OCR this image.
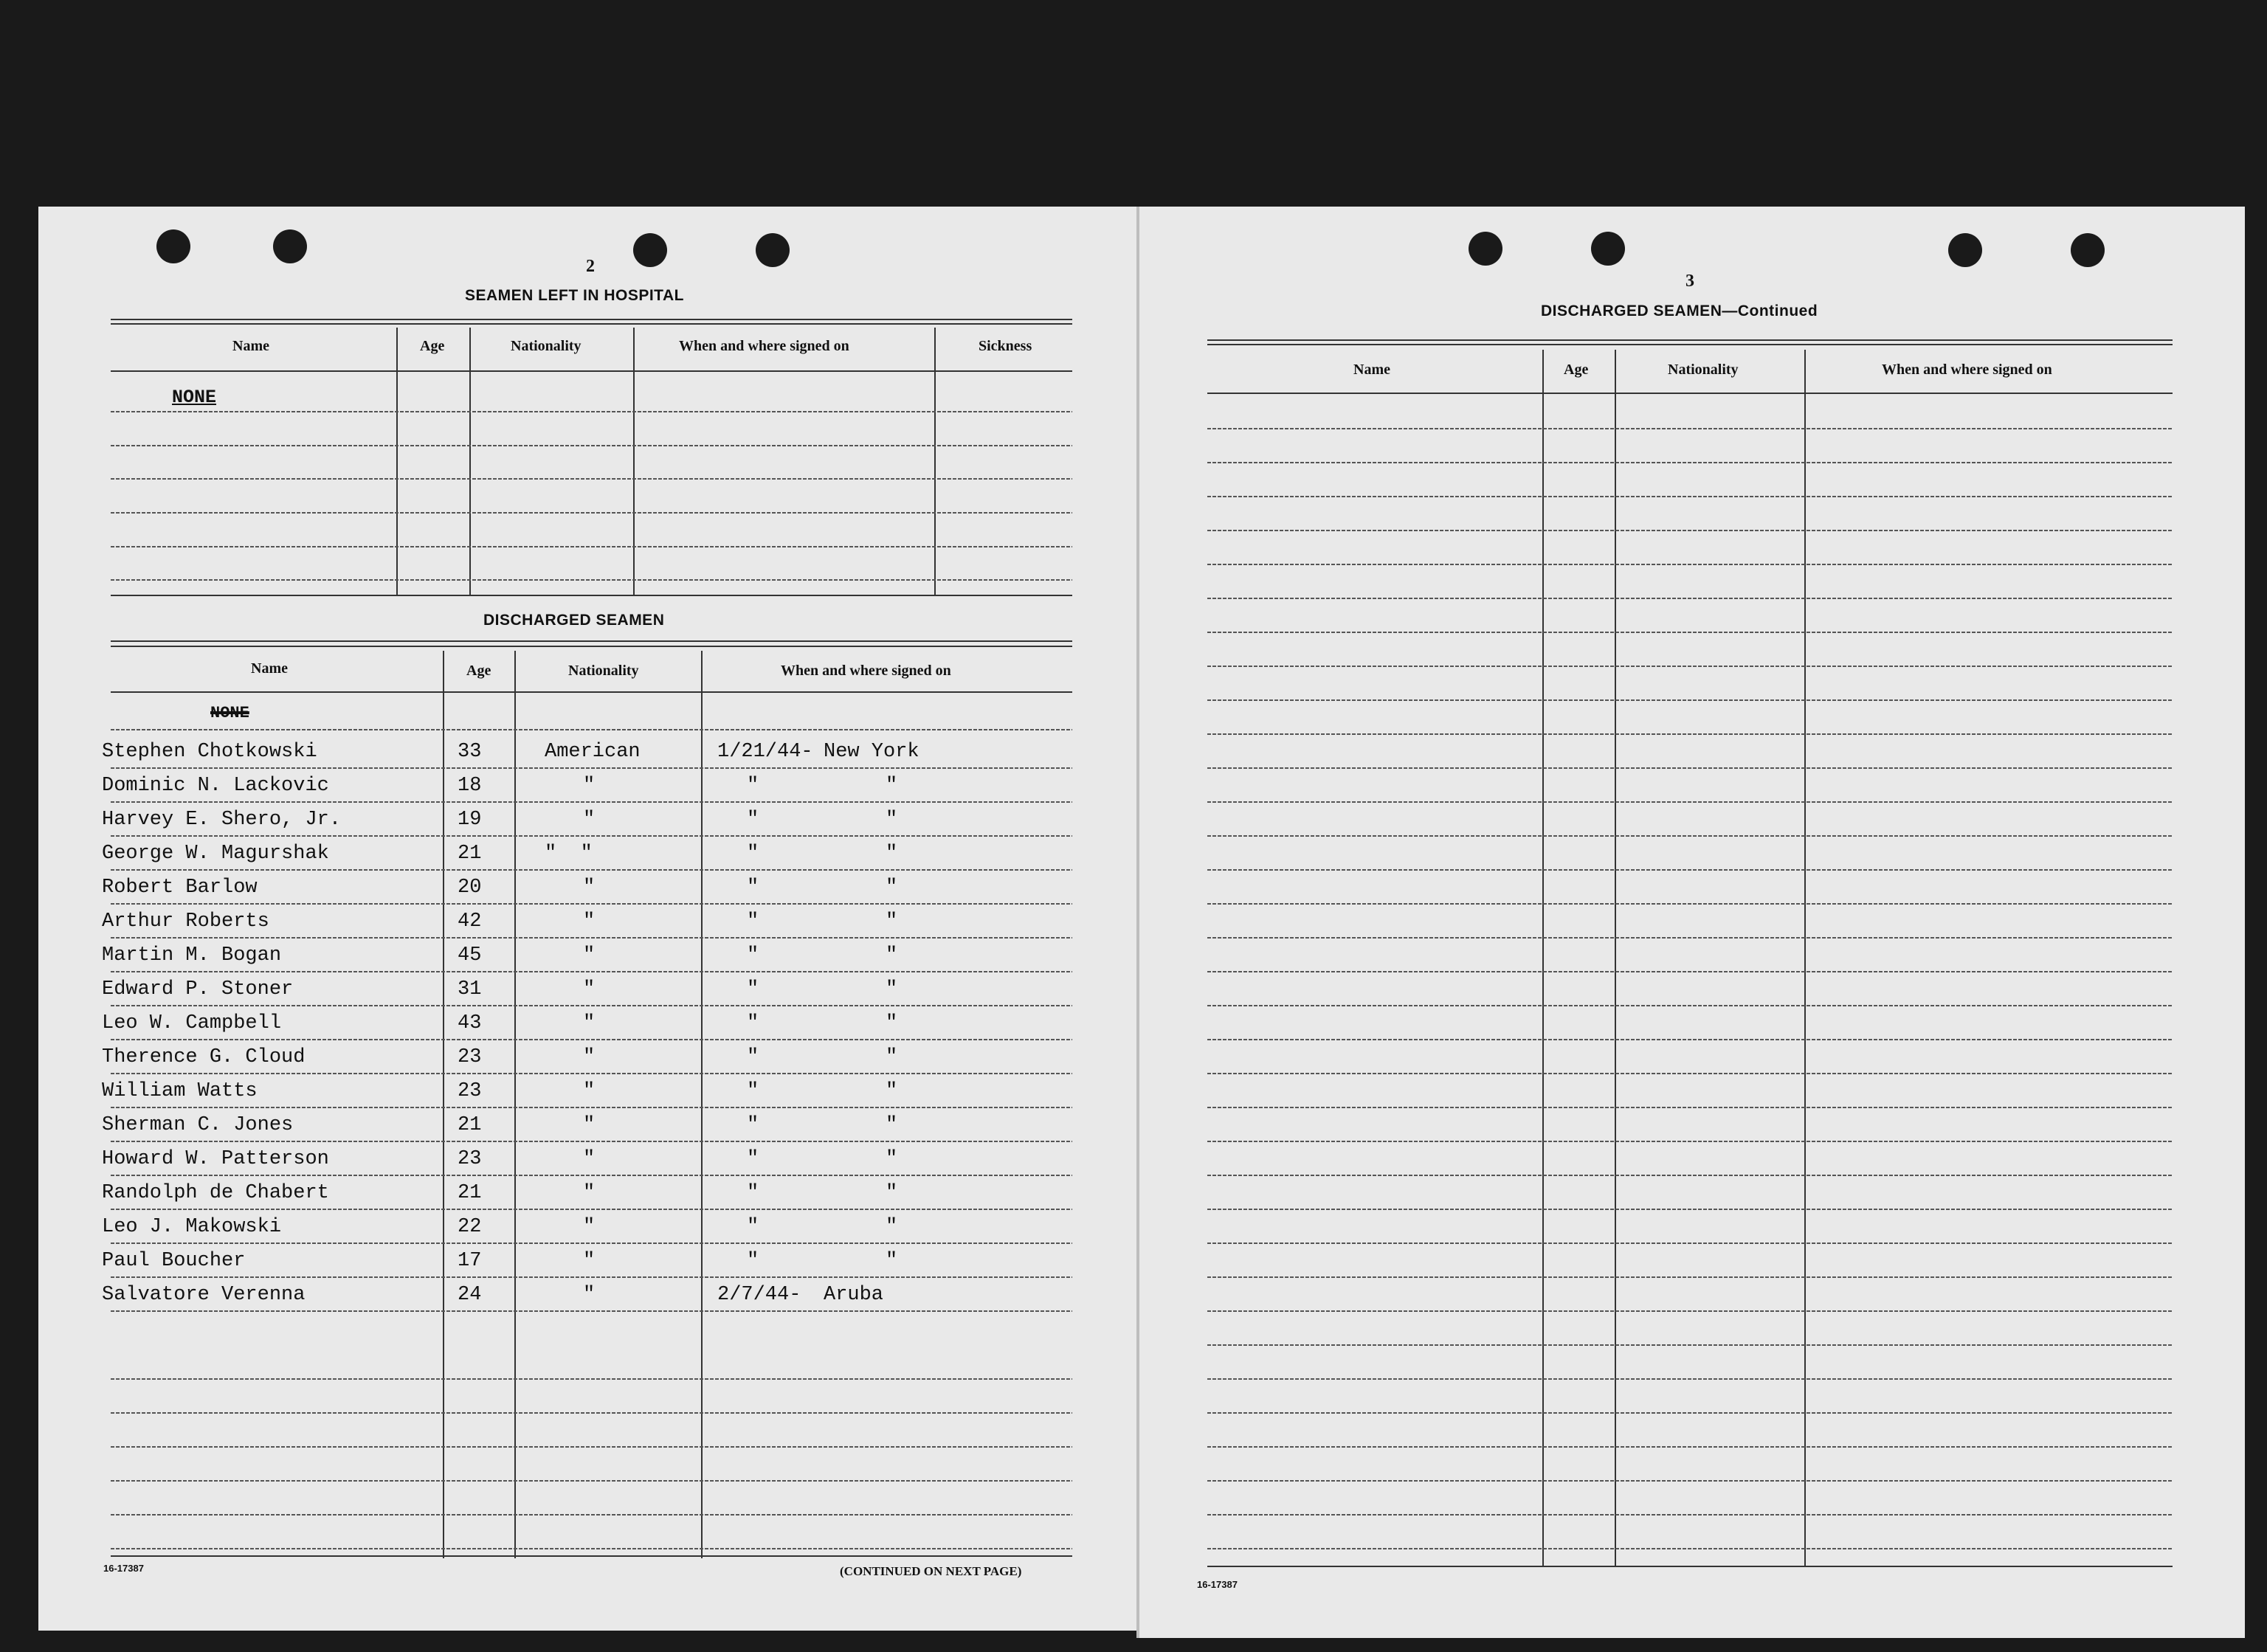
2
SEAMEN LEFT IN HOSPITAL
Name	Age	Nationality	When and where signed on	Sickness
NONE
DISCHARGED SEAMEN
Name	Age	Nationality	When and where signed on
NONE
Stephen Chotkowski	33	American	1/21/44- New York
Dominic N. Lackovic	18	"	"	"
Harvey E. Shero, Jr.	19	"	"	"
George W. Magurshak	21	"  "	"	"
Robert Barlow	20	"	"	"
Arthur Roberts	42	"	"	"
Martin M. Bogan	45	"	"	"
Edward P. Stoner	31	"	"	"
Leo W. Campbell	43	"	"	"
Therence G. Cloud	23	"	"	"
William Watts	23	"	"	"
Sherman C. Jones	21	"	"	"
Howard W. Patterson	23	"	"	"
Randolph de Chabert	21	"	"	"
Leo J. Makowski	22	"	"	"
Paul Boucher	17	"	"	"
Salvatore Verenna	24	"	2/7/44- Aruba
16-17387	(CONTINUED ON NEXT PAGE)
3
DISCHARGED SEAMEN—Continued
Name	Age	Nationality	When and where signed on
16-17387
